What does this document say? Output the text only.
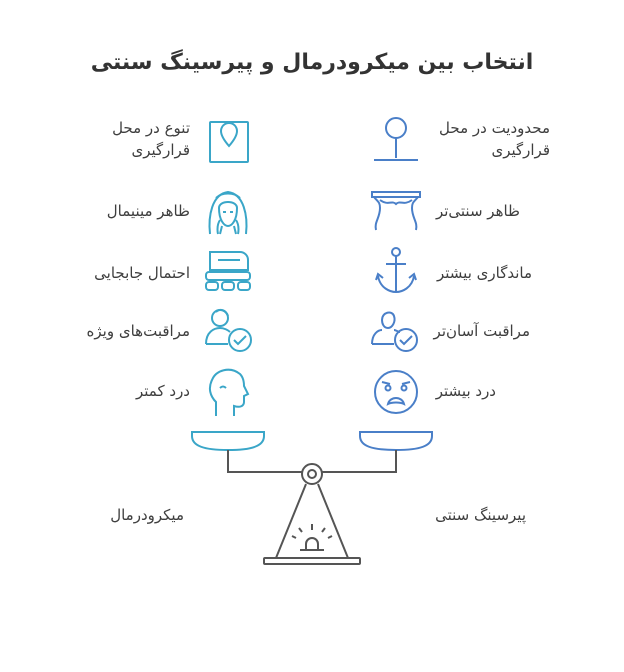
انتخاب بین میکرودرمال و پیرسینگ سنتی
تنوع در محل
قرارگیری
ظاهر مینیمال
احتمال جابجایی
مراقبت‌های ویژه
درد کمتر
محدودیت در محل
قرارگیری
ظاهر سنتی‌تر
ماندگاری بیشتر
مراقبت آسان‌تر
درد بیشتر
میکرودرمال	پیرسینگ سنتی
